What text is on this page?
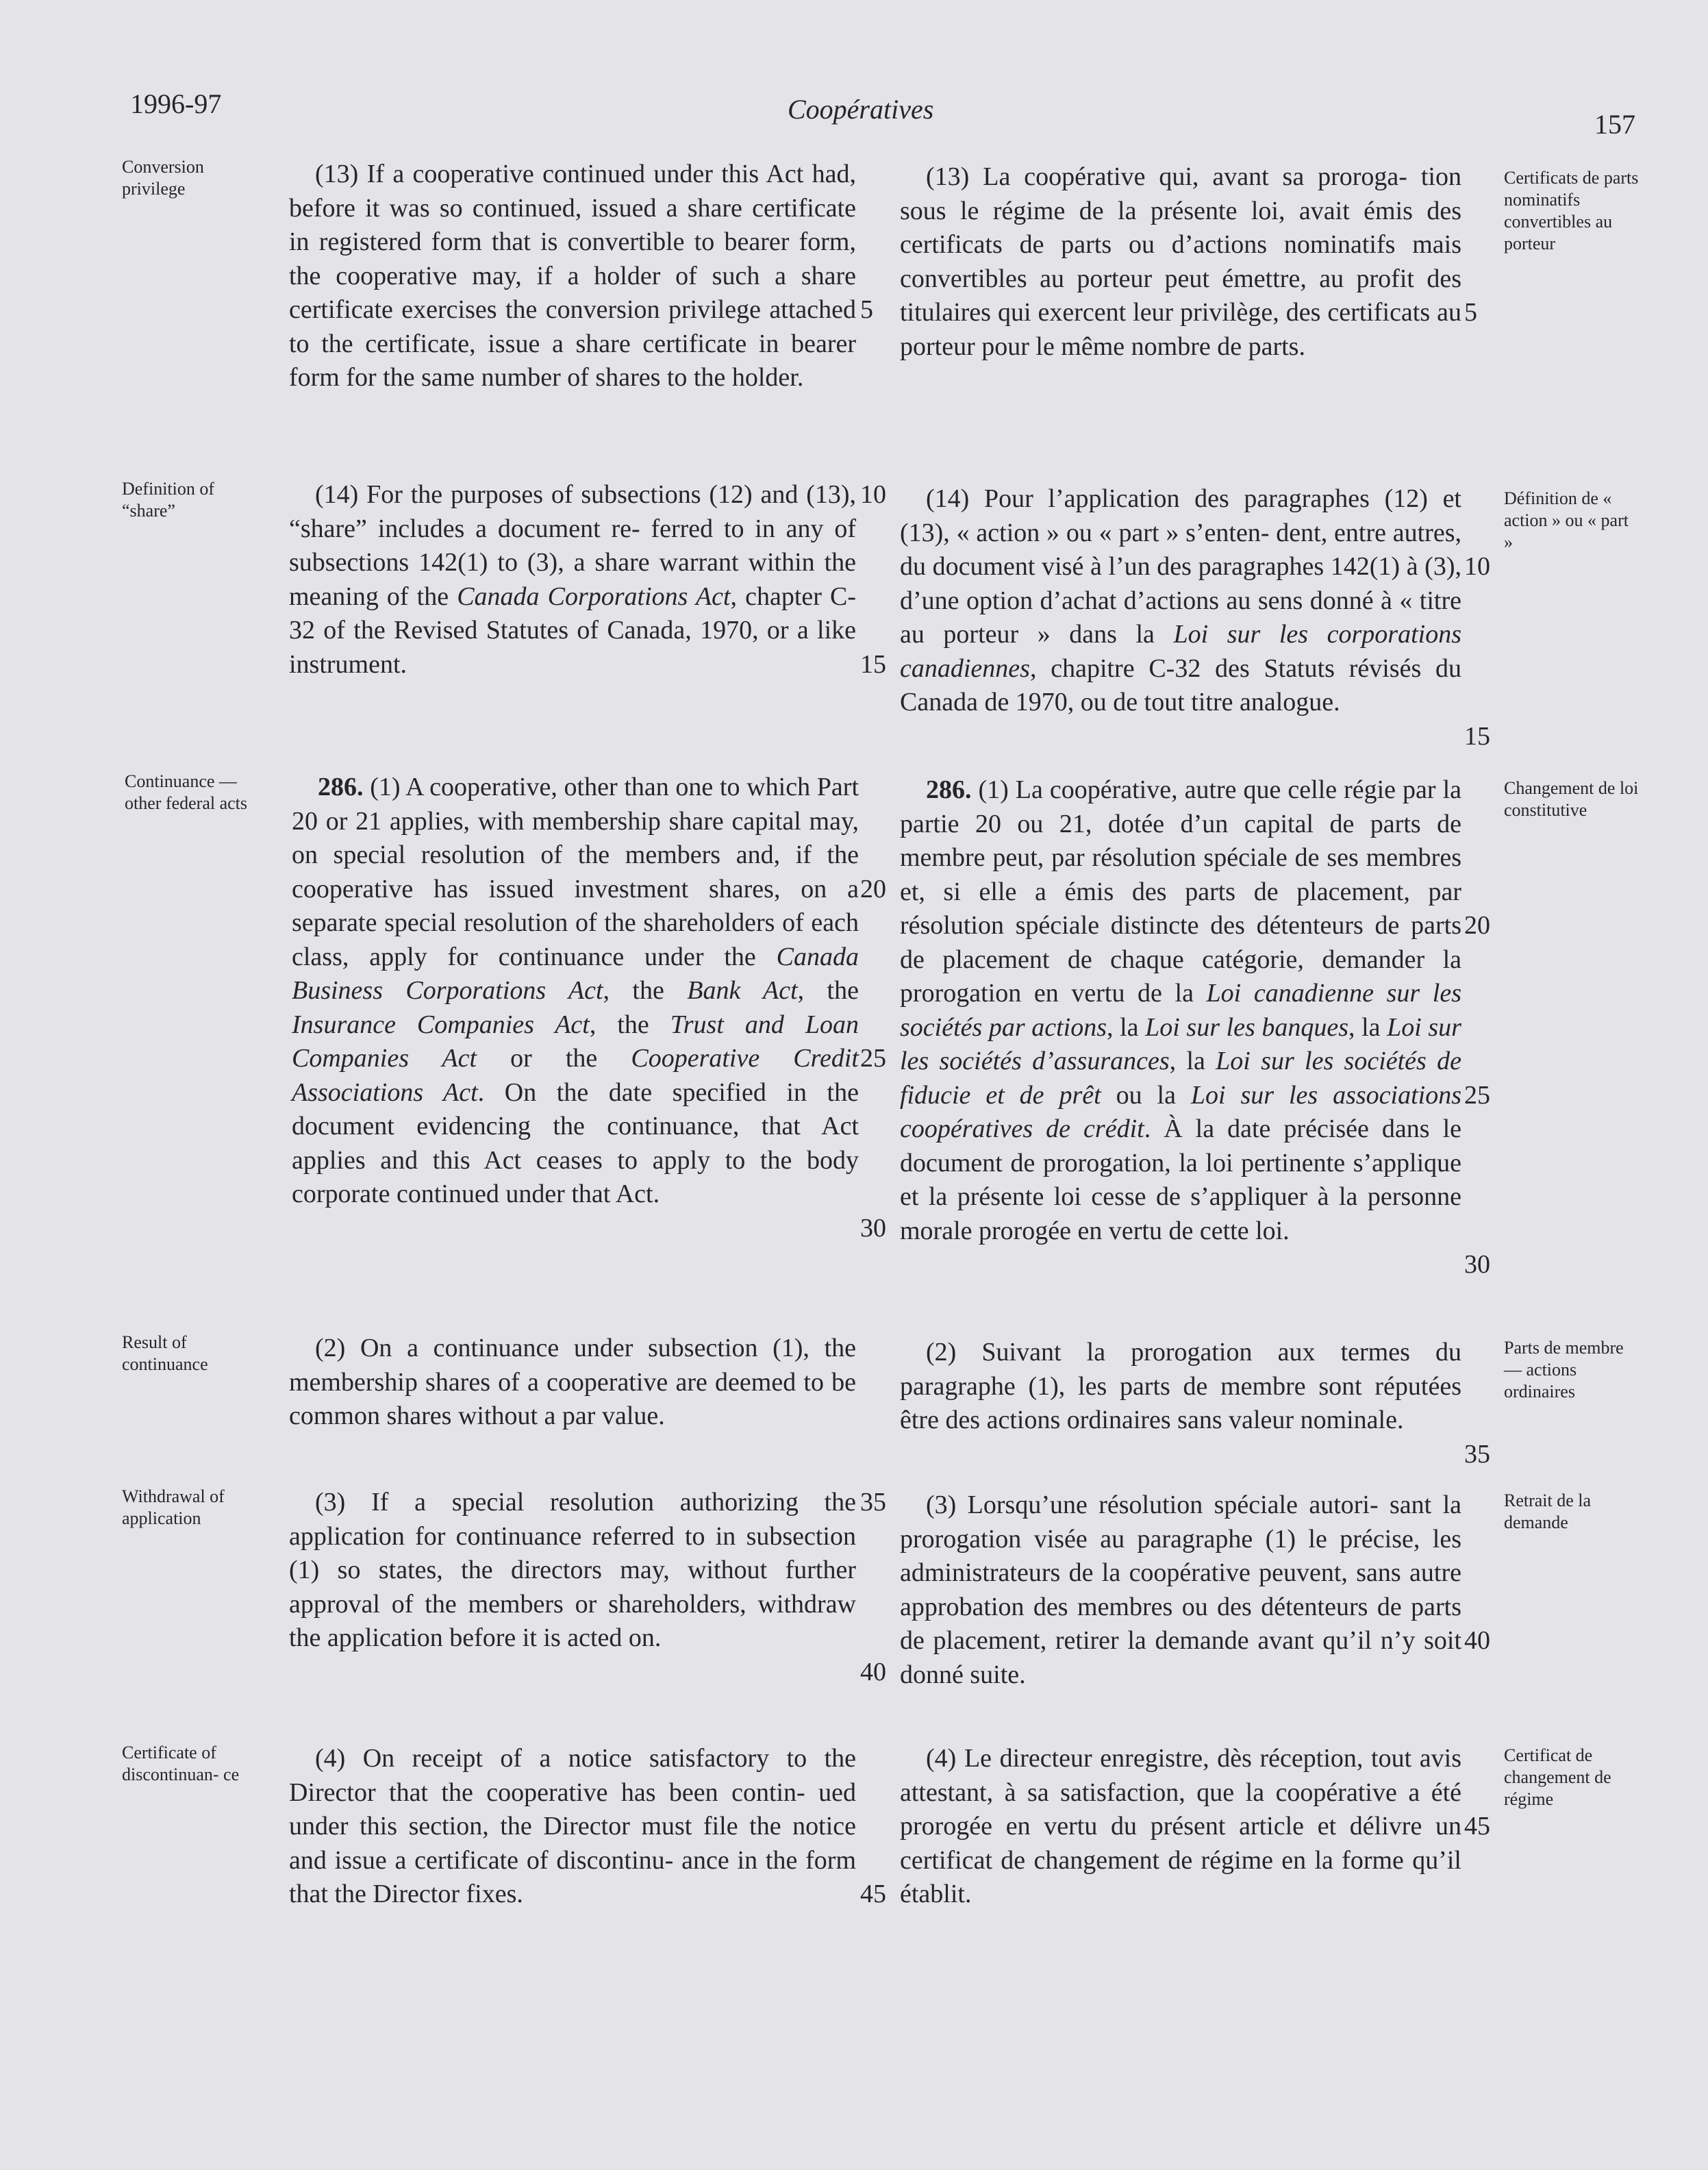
1996-97	Coopératives	157
Conversion privilege

(13) If a cooperative continued under this Act had, before it was so continued, issued a share certificate in registered form that is convertible to bearer form, the cooperative may, if a holder of such a share certificate exercises the conversion privilege attached to the certificate, issue a share certificate in bearer form for the same number of shares to the holder.

Certificats de parts nominatifs convertibles au porteur

(13) La coopérative qui, avant sa proroga- tion sous le régime de la présente loi, avait émis des certificats de parts ou d’actions nominatifs mais convertibles au porteur peut émettre, au profit des titulaires qui exercent leur privilège, des certificats au porteur pour le même nombre de parts.

5	5
Definition of “share”

(14) For the purposes of subsections (12) and (13), “share” includes a document re- ferred to in any of subsections 142(1) to (3), a share warrant within the meaning of the Canada Corporations Act, chapter C-32 of the Revised Statutes of Canada, 1970, or a like instrument.

Définition de « action » ou « part »

(14) Pour l’application des paragraphes (12) et (13), « action » ou « part » s’enten- dent, entre autres, du document visé à l’un des paragraphes 142(1) à (3), d’une option d’achat d’actions au sens donné à « titre au porteur » dans la Loi sur les corporations canadiennes, chapitre C-32 des Statuts révisés du Canada de 1970, ou de tout titre analogue.

10
15
10
15
Continuance — other federal acts

286. (1) A cooperative, other than one to which Part 20 or 21 applies, with membership share capital may, on special resolution of the members and, if the cooperative has issued investment shares, on a separate special resolution of the shareholders of each class, apply for continuance under the Canada Business Corporations Act, the Bank Act, the Insurance Companies Act, the Trust and Loan Companies Act or the Cooperative Credit Associations Act. On the date specified in the document evidencing the continuance, that Act applies and this Act ceases to apply to the body corporate continued under that Act.

Changement de loi constitutive

286. (1) La coopérative, autre que celle régie par la partie 20 ou 21, dotée d’un capital de parts de membre peut, par résolution spéciale de ses membres et, si elle a émis des parts de placement, par résolution spéciale distincte des détenteurs de parts de placement de chaque catégorie, demander la prorogation en vertu de la Loi canadienne sur les sociétés par actions, la Loi sur les banques, la Loi sur les sociétés d’assurances, la Loi sur les sociétés de fiducie et de prêt ou la Loi sur les associations coopératives de crédit. À la date précisée dans le document de prorogation, la loi pertinente s’applique et la présente loi cesse de s’appliquer à la personne morale prorogée en vertu de cette loi.

20
25
30
20
25
30
Result of continuance

(2) On a continuance under subsection (1), the membership shares of a cooperative are deemed to be common shares without a par value.

Parts de membre — actions ordinaires

(2) Suivant la prorogation aux termes du paragraphe (1), les parts de membre sont réputées être des actions ordinaires sans valeur nominale.

35
Withdrawal of application

(3) If a special resolution authorizing the application for continuance referred to in subsection (1) so states, the directors may, without further approval of the members or shareholders, withdraw the application before it is acted on.

Retrait de la demande

(3) Lorsqu’une résolution spéciale autori- sant la prorogation visée au paragraphe (1) le précise, les administrateurs de la coopérative peuvent, sans autre approbation des membres ou des détenteurs de parts de placement, retirer la demande avant qu’il n’y soit donné suite.

35
40
40
Certificate of discontinuan- ce

(4) On receipt of a notice satisfactory to the Director that the cooperative has been contin- ued under this section, the Director must file the notice and issue a certificate of discontinu- ance in the form that the Director fixes.

Certificat de changement de régime

(4) Le directeur enregistre, dès réception, tout avis attestant, à sa satisfaction, que la coopérative a été prorogée en vertu du présent article et délivre un certificat de changement de régime en la forme qu’il établit.

45
45
